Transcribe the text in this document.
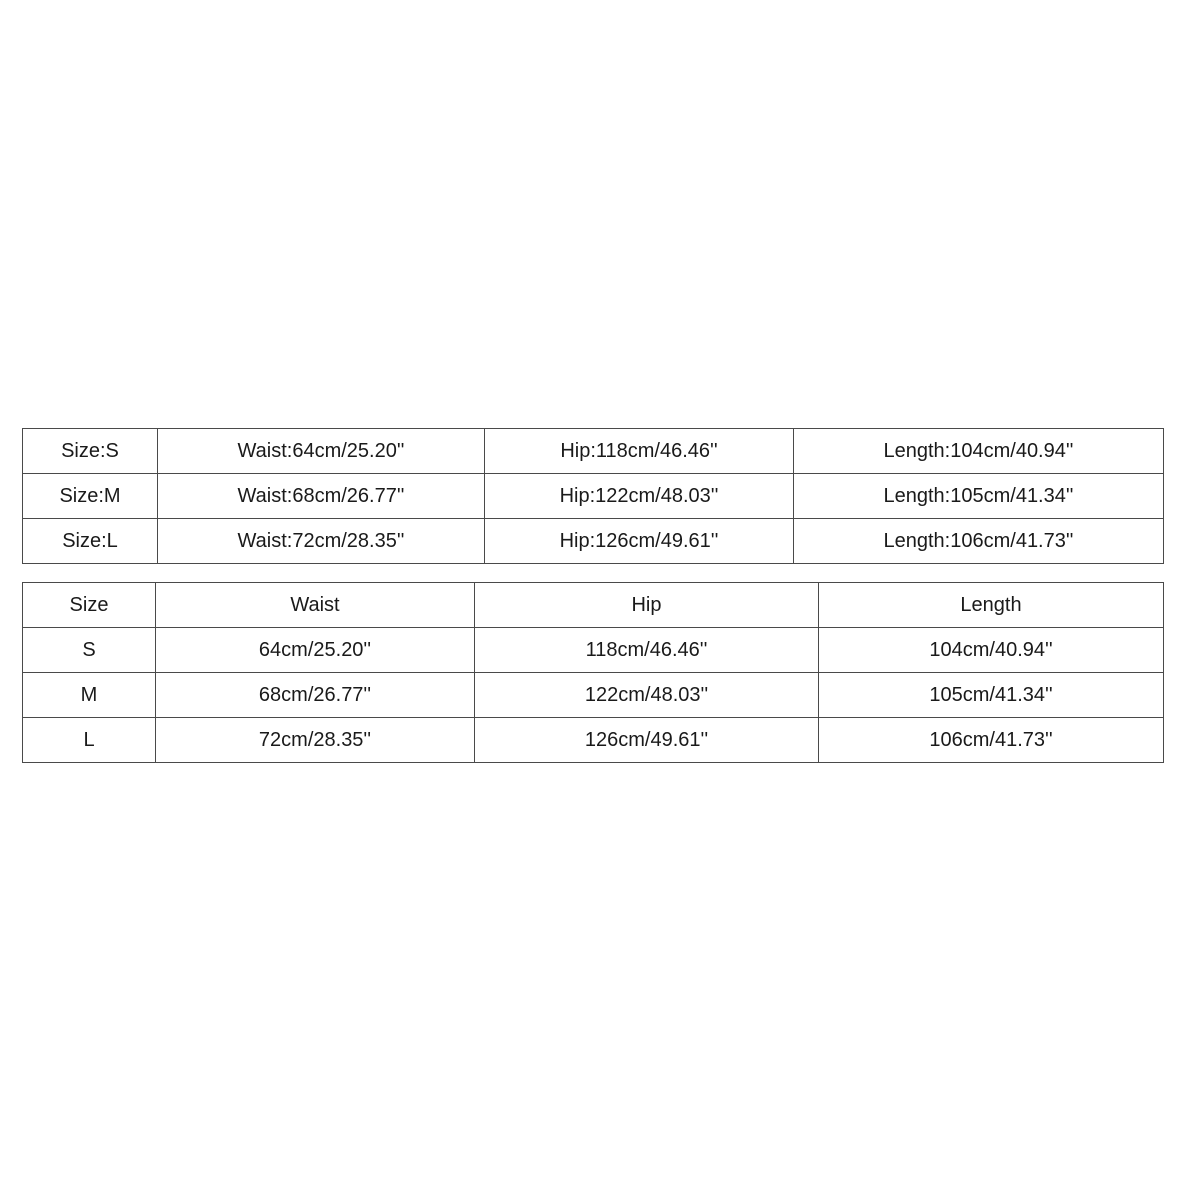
Size:S	Waist:64cm/25.20''	Hip:118cm/46.46''	Length:104cm/40.94''
Size:M	Waist:68cm/26.77''	Hip:122cm/48.03''	Length:105cm/41.34''
Size:L	Waist:72cm/28.35''	Hip:126cm/49.61''	Length:106cm/41.73''
Size	Waist	Hip	Length
S	64cm/25.20''	118cm/46.46''	104cm/40.94''
M	68cm/26.77''	122cm/48.03''	105cm/41.34''
L	72cm/28.35''	126cm/49.61''	106cm/41.73''
